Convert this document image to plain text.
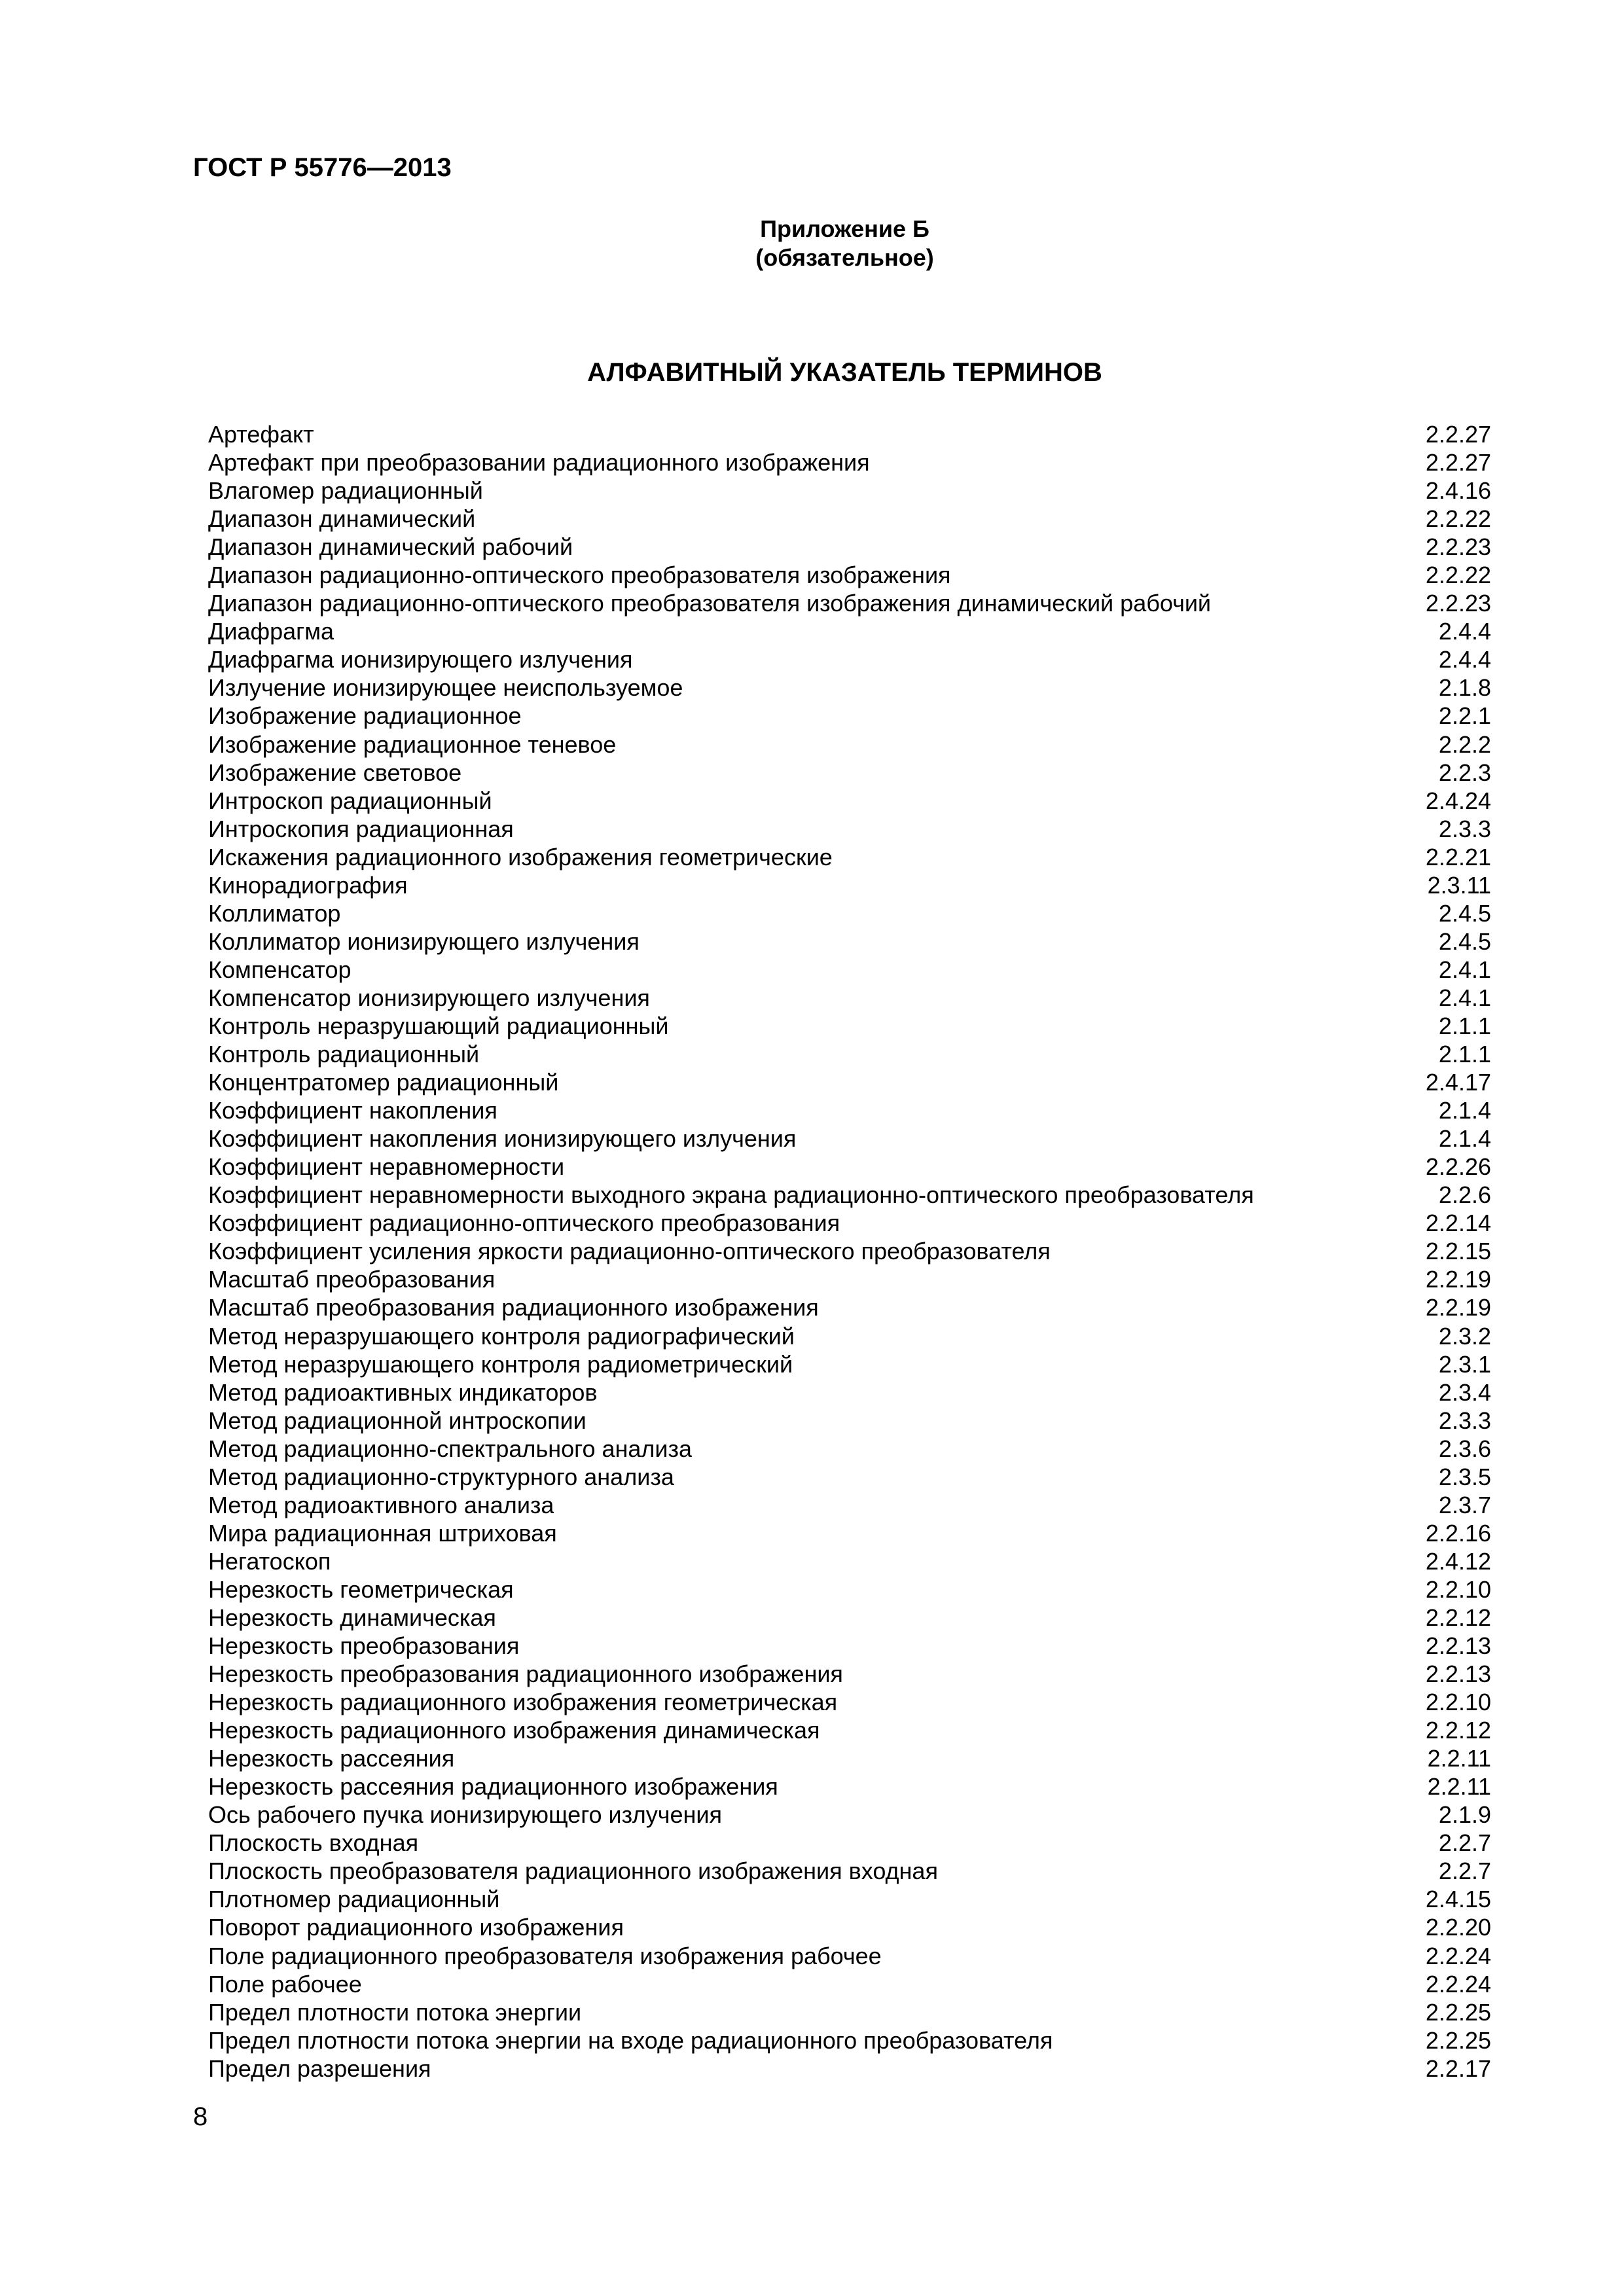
ГОСТ Р 55776—2013
Приложение Б
(обязательное)
АЛФАВИТНЫЙ УКАЗАТЕЛЬ ТЕРМИНОВ
Артефакт	2.2.27
Артефакт при преобразовании радиационного изображения	2.2.27
Влагомер радиационный	2.4.16
Диапазон динамический	2.2.22
Диапазон динамический рабочий	2.2.23
Диапазон радиационно-оптического преобразователя изображения	2.2.22
Диапазон радиационно-оптического преобразователя изображения динамический рабочий	2.2.23
Диафрагма	2.4.4
Диафрагма ионизирующего излучения	2.4.4
Излучение ионизирующее неиспользуемое	2.1.8
Изображение радиационное	2.2.1
Изображение радиационное теневое	2.2.2
Изображение световое	2.2.3
Интроскоп радиационный	2.4.24
Интроскопия радиационная	2.3.3
Искажения радиационного изображения геометрические	2.2.21
Кинорадиография	2.3.11
Коллиматор	2.4.5
Коллиматор ионизирующего излучения	2.4.5
Компенсатор	2.4.1
Компенсатор ионизирующего излучения	2.4.1
Контроль неразрушающий радиационный	2.1.1
Контроль радиационный	2.1.1
Концентратомер радиационный	2.4.17
Коэффициент накопления	2.1.4
Коэффициент накопления ионизирующего излучения	2.1.4
Коэффициент неравномерности	2.2.26
Коэффициент неравномерности выходного экрана радиационно-оптического преобразователя	2.2.6
Коэффициент радиационно-оптического преобразования	2.2.14
Коэффициент усиления яркости радиационно-оптического преобразователя	2.2.15
Масштаб преобразования	2.2.19
Масштаб преобразования радиационного изображения	2.2.19
Метод неразрушающего контроля радиографический	2.3.2
Метод неразрушающего контроля радиометрический	2.3.1
Метод радиоактивных индикаторов	2.3.4
Метод радиационной интроскопии	2.3.3
Метод радиационно-спектрального анализа	2.3.6
Метод радиационно-структурного анализа	2.3.5
Метод радиоактивного анализа	2.3.7
Мира радиационная штриховая	2.2.16
Негатоскоп	2.4.12
Нерезкость геометрическая	2.2.10
Нерезкость динамическая	2.2.12
Нерезкость преобразования	2.2.13
Нерезкость преобразования радиационного изображения	2.2.13
Нерезкость радиационного изображения геометрическая	2.2.10
Нерезкость радиационного изображения динамическая	2.2.12
Нерезкость рассеяния	2.2.11
Нерезкость рассеяния радиационного изображения	2.2.11
Ось рабочего пучка ионизирующего излучения	2.1.9
Плоскость входная	2.2.7
Плоскость преобразователя радиационного изображения входная	2.2.7
Плотномер радиационный	2.4.15
Поворот радиационного изображения	2.2.20
Поле радиационного преобразователя изображения рабочее	2.2.24
Поле рабочее	2.2.24
Предел плотности потока энергии	2.2.25
Предел плотности потока энергии на входе радиационного преобразователя	2.2.25
Предел разрешения	2.2.17
8
